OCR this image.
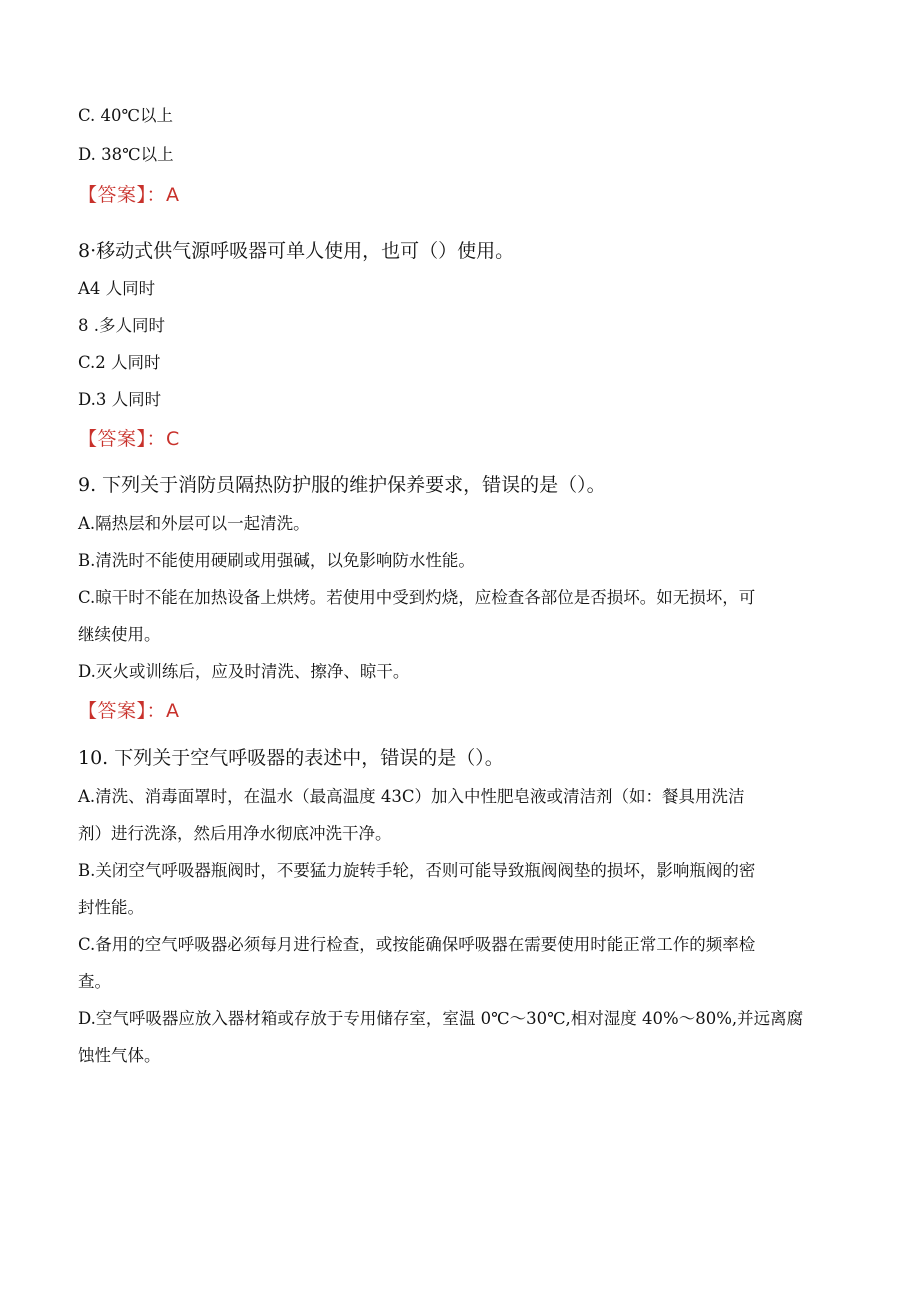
C. 40℃以上
D. 38℃以上
【答案】：A
8·移动式供气源呼吸器可单人使用，也可（）使用。
A4 人同时
8 .多人同时
C.2 人同时
D.3 人同时
【答案】：C
9. 下列关于消防员隔热防护服的维护保养要求，错误的是（）。
A.隔热层和外层可以一起清洗。
B.清洗时不能使用硬刷或用强碱，以免影响防水性能。
C.晾干时不能在加热设备上烘烤。若使用中受到灼烧，应检查各部位是否损坏。如无损坏，可
继续使用。
D.灭火或训练后，应及时清洗、擦净、晾干。
【答案】：A
10. 下列关于空气呼吸器的表述中，错误的是（）。
A.清洗、消毒面罩时，在温水（最高温度 43C）加入中性肥皂液或清洁剂（如：餐具用洗洁
剂）进行洗涤，然后用净水彻底冲洗干净。
B.关闭空气呼吸器瓶阀时，不要猛力旋转手轮，否则可能导致瓶阀阀垫的损坏，影响瓶阀的密
封性能。
C.备用的空气呼吸器必须每月进行检查，或按能确保呼吸器在需要使用时能正常工作的频率检
查。
D.空气呼吸器应放入器材箱或存放于专用储存室，室温 0℃～30℃,相对湿度 40%～80%,并远离腐
蚀性气体。
